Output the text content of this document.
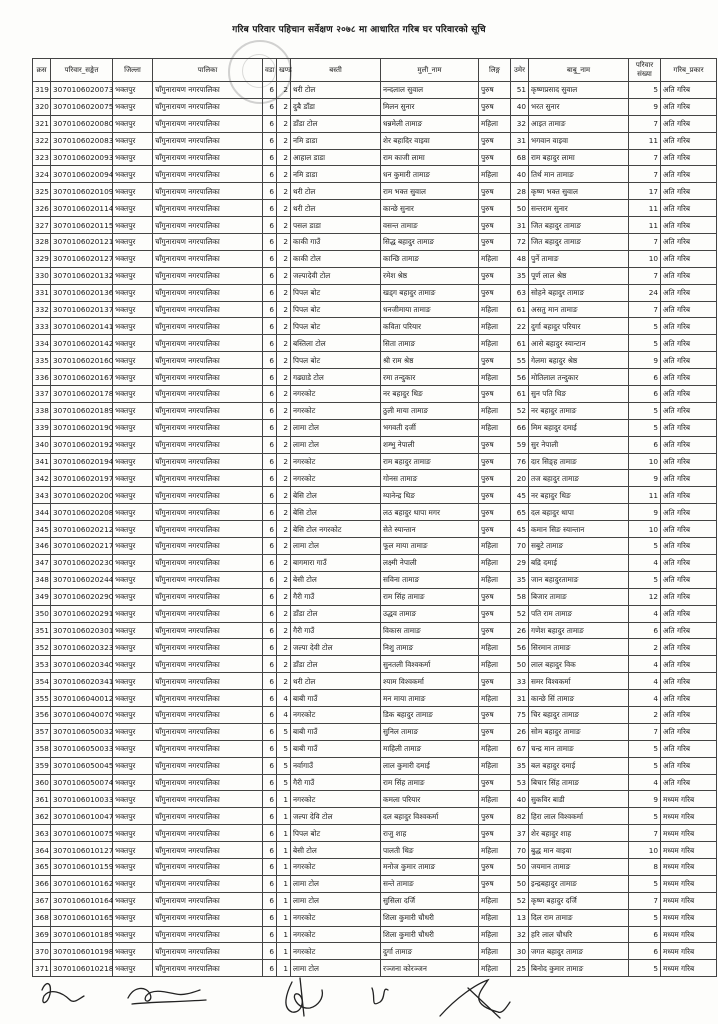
गरिब परिवार पहिचान सर्वेक्षण २०७८ मा आधारित गरिब घर परिवारको सूचि
क्रस	परिवार_सङ्केत	जिल्ला	पालिका	वडा	खण्ड	बस्ती	मुली_नाम	लिङ्ग	उमेर	बाबु_नाम	परिवार संख्या	गरिब_प्रकार
319	3070106020073	भक्तपुर	चाँगुनारायण नगरपालिका	6	2	थरी टोल	नन्दलाल सुवाल	पुरुष	51	कृष्णप्रसाद सुवाल	5	अति गरिब
320	3070106020075	भक्तपुर	चाँगुनारायण नगरपालिका	6	2	दुबै डाँडा	मिलन सुनार	पुरुष	40	भरत सुनार	9	अति गरिब
321	3070106020080	भक्तपुर	चाँगुनारायण नगरपालिका	6	2	डाँडा टोल	धन्नमेली तामाङ	महिला	32	आइत तामाङ	7	अति गरिब
322	3070106020083	भक्तपुर	चाँगुनारायण नगरपालिका	6	2	नमि डाडा	शेर बहादिर वाइवा	पुरुष	31	भगवान वाइवा	11	अति गरिब
323	3070106020093	भक्तपुर	चाँगुनारायण नगरपालिका	6	2	आहाल डाडा	राम काजी लामा	पुरुष	68	राम बहादुर लामा	7	अति गरिब
324	3070106020094	भक्तपुर	चाँगुनारायण नगरपालिका	6	2	नमि डाडा	धन कुमारी तामाङ	महिला	40	तिर्थ मान तामाङ	7	अति गरिब
325	3070106020109	भक्तपुर	चाँगुनारायण नगरपालिका	6	2	थरी टोल	राम भक्त सुवाल	पुरुष	28	कृष्ण भक्त सुवाल	17	अति गरिब
326	3070106020114	भक्तपुर	चाँगुनारायण नगरपालिका	6	2	थरी टोल	कान्छे सुनार	पुरुष	50	सन्तराम सुनार	11	अति गरिब
327	3070106020115	भक्तपुर	चाँगुनारायण नगरपालिका	6	2	पसल डाडा	वसन्त तामाङ	पुरुष	31	जित बहादुर तामाङ	11	अति गरिब
328	3070106020121	भक्तपुर	चाँगुनारायण नगरपालिका	6	2	काकी गाउँ	सिद्ध बहादुर तामाङ	पुरुष	72	जित बहादुर तामाङ	7	अति गरिब
329	3070106020127	भक्तपुर	चाँगुनारायण नगरपालिका	6	2	काकी टोल	कान्छि तामाङ	महिला	48	पुर्ने तामाङ	10	अति गरिब
330	3070106020132	भक्तपुर	चाँगुनारायण नगरपालिका	6	2	जल्पादेवी टोल	रमेश श्रेष्ठ	पुरुष	35	पूर्ण लाल श्रेष्ठ	7	अति गरिब
331	3070106020136	भक्तपुर	चाँगुनारायण नगरपालिका	6	2	पिपल बोट	खड्ग बहादुर तामाङ	पुरुष	63	सोहने बहादुर तामाङ	24	अति गरिब
332	3070106020137	भक्तपुर	चाँगुनारायण नगरपालिका	6	2	पिपल बोट	धनजीमाया तामाङ	महिला	61	असतु मान तामाङ	7	अति गरिब
333	3070106020141	भक्तपुर	चाँगुनारायण नगरपालिका	6	2	पिपल बोट	कविता परियार	महिला	22	दुर्गा बहादुर परियार	5	अति गरिब
334	3070106020142	भक्तपुर	चाँगुनारायण नगरपालिका	6	2	बस्तिला टोल	सिता तामाङ	महिला	61	आसे बहादुर स्यान्टान	5	अति गरिब
335	3070106020160	भक्तपुर	चाँगुनारायण नगरपालिका	6	2	पिपल बोट	श्री राम श्रेष्ठ	पुरुष	55	गेलमा बहादुर श्रेष्ठ	9	अति गरिब
336	3070106020167	भक्तपुर	चाँगुनारायण नगरपालिका	6	2	गढ्याडे टोल	रमा तन्दुकार	महिला	56	मोतिलाल तन्दुकार	6	अति गरिब
337	3070106020178	भक्तपुर	चाँगुनारायण नगरपालिका	6	2	नगरकोट	नर बहादुर थिङ	पुरुष	61	सुन पति थिङ	6	अति गरिब
338	3070106020189	भक्तपुर	चाँगुनारायण नगरपालिका	6	2	नगरकोट	ठुली माया तामाङ	महिला	52	नर बहादुर तामाङ	5	अति गरिब
339	3070106020190	भक्तपुर	चाँगुनारायण नगरपालिका	6	2	लामा टोल	भगवती दर्जी	महिला	66	मिम बहादुर दमाई	5	अति गरिब
340	3070106020192	भक्तपुर	चाँगुनारायण नगरपालिका	6	2	लामा टोल	शम्भु नेपाली	पुरुष	59	सुर नेपाली	6	अति गरिब
341	3070106020194	भक्तपुर	चाँगुनारायण नगरपालिका	6	2	नगरकोट	राम बहादुर तामाङ	पुरुष	76	दार सिङ्ह तामाङ	10	अति गरिब
342	3070106020197	भक्तपुर	चाँगुनारायण नगरपालिका	6	2	नगरकोट	गोनस तामाङ	पुरुष	20	तज बहादुर तामाङ	9	अति गरिब
343	3070106020200	भक्तपुर	चाँगुनारायण नगरपालिका	6	2	बेसि टोल	ग्यानेन्द्र थिङ	पुरुष	45	नर बहादुर थिङ	11	अति गरिब
344	3070106020208	भक्तपुर	चाँगुनारायण नगरपालिका	6	2	बेसि टोल	लठ बहादुर थापा मगर	पुरुष	65	दल बहादुर थापा	9	अति गरिब
345	3070106020212	भक्तपुर	चाँगुनारायण नगरपालिका	6	2	बेसि टोल नगरकोट	सेते स्यान्तान	पुरुष	45	कमान सिङ स्यान्तान	10	अति गरिब
346	3070106020217	भक्तपुर	चाँगुनारायण नगरपालिका	6	2	लामा टोल	फूल माया तामाङ	महिला	70	सबुटे तामाङ	5	अति गरिब
347	3070106020230	भक्तपुर	चाँगुनारायण नगरपालिका	6	2	बागमारा गाउँ	लक्ष्मी नेपाली	महिला	29	बद्रि दमाई	4	अति गरिब
348	3070106020244	भक्तपुर	चाँगुनारायण नगरपालिका	6	2	बेसी टोल	सविना तामाङ	महिला	35	जान बहादुरतामाङ	5	अति गरिब
349	3070106020290	भक्तपुर	चाँगुनारायण नगरपालिका	6	2	गैरी गाउँ	राम सिंह तामाङ	पुरुष	58	बिजार तामाङ	12	अति गरिब
350	3070106020291	भक्तपुर	चाँगुनारायण नगरपालिका	6	2	डाँडा टोल	उद्धव तामाङ	पुरुष	52	पति राम तामाङ	4	अति गरिब
351	3070106020301	भक्तपुर	चाँगुनारायण नगरपालिका	6	2	गैरी गाउँ	विकास तामाङ	पुरुष	26	गणेश बहादुर तामाङ	6	अति गरिब
352	3070106020323	भक्तपुर	चाँगुनारायण नगरपालिका	6	2	जल्पा देवी टोल	निशु तामाङ	महिला	56	सिरमान तामाङ	2	अति गरिब
353	3070106020340	भक्तपुर	चाँगुनारायण नगरपालिका	6	2	डाँडा टोल	सुनतली विश्वकर्मा	महिला	50	लाल बहादुर विक	4	अति गरिब
354	3070106020341	भक्तपुर	चाँगुनारायण नगरपालिका	6	2	थरी टोल	श्याम विश्वकर्मा	पुरुष	33	समर विश्वकर्मा	4	अति गरिब
355	3070106040012	भक्तपुर	चाँगुनारायण नगरपालिका	6	4	बाबी गाउँ	मन माया तामाङ	महिला	31	कान्छे सिं तामाङ	4	अति गरिब
356	3070106040070	भक्तपुर	चाँगुनारायण नगरपालिका	6	4	नगरकोट	डिक बहादुर तामाङ	पुरुष	75	चिर बहादुर तामाङ	2	अति गरिब
357	3070106050032	भक्तपुर	चाँगुनारायण नगरपालिका	6	5	बाबी गाउँ	सुनिल तामाङ	पुरुष	26	सोम बहादुर तामाङ	7	अति गरिब
358	3070106050033	भक्तपुर	चाँगुनारायण नगरपालिका	6	5	बाबी गाउँ	माहिली तामाङ	महिला	67	चन्द्र मान तामाङ	5	अति गरिब
359	3070106050045	भक्तपुर	चाँगुनारायण नगरपालिका	6	5	नर्वागाउँ	लाल कुमारी दमाई	महिला	35	बल बहादुर दमाई	5	अति गरिब
360	3070106050074	भक्तपुर	चाँगुनारायण नगरपालिका	6	5	गैरी गाउँ	राम सिंह तामाङ	पुरुष	53	बिचार सिंह तामाङ	4	अति गरिब
361	3070106010033	भक्तपुर	चाँगुनारायण नगरपालिका	6	1	नगरकोट	कमला परियार	महिला	40	सुकविर बाडी	9	मध्यम गरिब
362	3070106010047	भक्तपुर	चाँगुनारायण नगरपालिका	6	1	जल्पा देवि टोल	दल बहादुर विश्वकर्मा	पुरुष	82	हिरा लाल विश्वकर्मा	5	मध्यम गरिब
363	3070106010075	भक्तपुर	चाँगुनारायण नगरपालिका	6	1	पिपल बोट	राजु शाह	पुरुष	37	शेर बहादुर शाह	7	मध्यम गरिब
364	3070106010127	भक्तपुर	चाँगुनारायण नगरपालिका	6	1	बेसी टोल	पालती थिङ	महिला	70	बुद्ध मान वाइवा	10	मध्यम गरिब
365	3070106010159	भक्तपुर	चाँगुनारायण नगरपालिका	6	1	नगरकोट	मनोज कुमार तामाङ	पुरुष	50	जयमान तामाङ	8	मध्यम गरिब
366	3070106010162	भक्तपुर	चाँगुनारायण नगरपालिका	6	1	लामा टोल	सन्ते तामाङ	पुरुष	50	इन्द्रबहादुर तामाङ	5	मध्यम गरिब
367	3070106010164	भक्तपुर	चाँगुनारायण नगरपालिका	6	1	लामा टोल	सुसिला दर्जि	महिला	52	कृष्ण बहादुर दर्जि	7	मध्यम गरिब
368	3070106010165	भक्तपुर	चाँगुनारायण नगरपालिका	6	1	नगरकोट	शिला कुमारी चौधरी	महिला	13	दिल राम तामाङ	5	मध्यम गरिब
369	3070106010189	भक्तपुर	चाँगुनारायण नगरपालिका	6	1	नगरकोट	शिला कुमारी चौधरी	महिला	32	हरि लाल चौधरि	6	मध्यम गरिब
370	3070106010198	भक्तपुर	चाँगुनारायण नगरपालिका	6	1	नगरकोट	दुर्गा तामाङ	महिला	30	जगत बहादुर तामाङ	6	मध्यम गरिब
371	3070106010218	भक्तपुर	चाँगुनारायण नगरपालिका	6	1	लामा टोल	रञ्जना कोरञ्जन	महिला	25	बिनोद कुमार तामाङ	5	मध्यम गरिब
